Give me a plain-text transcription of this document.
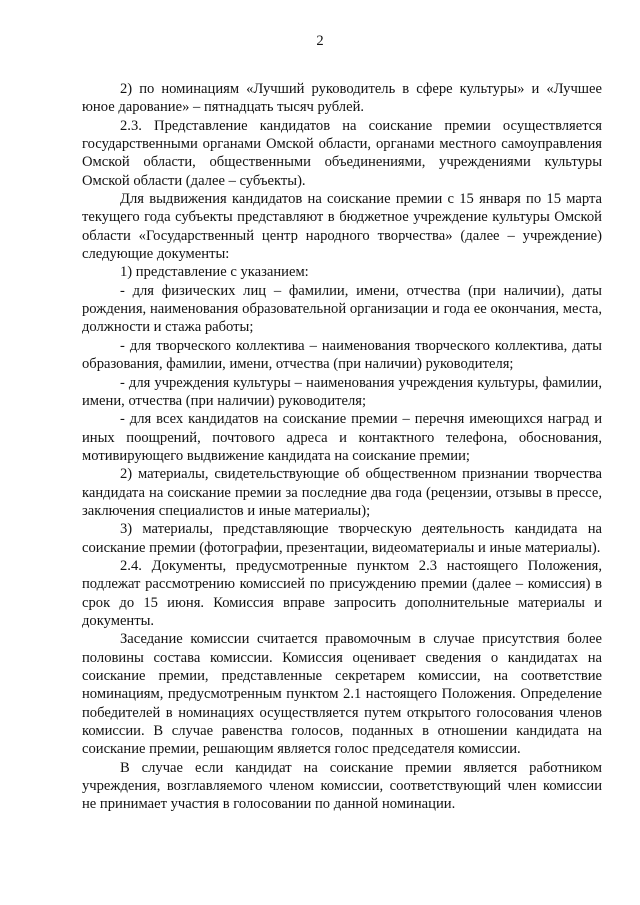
2

2) по номинациям «Лучший руководитель в сфере культуры» и «Лучшее юное дарование» – пятнадцать тысяч рублей.

2.3. Представление кандидатов на соискание премии осуществляется государственными органами Омской области, органами местного самоуправления Омской области, общественными объединениями, учреждениями культуры Омской области (далее – субъекты).

Для выдвижения кандидатов на соискание премии с 15 января по 15 марта текущего года субъекты представляют в бюджетное учреждение культуры Омской области «Государственный центр народного творчества» (далее – учреждение) следующие документы:

1) представление с указанием:

- для физических лиц – фамилии, имени, отчества (при наличии), даты рождения, наименования образовательной организации и года ее окончания, места, должности и стажа работы;

- для творческого коллектива – наименования творческого коллектива, даты образования, фамилии, имени, отчества (при наличии) руководителя;

- для учреждения культуры – наименования учреждения культуры, фамилии, имени, отчества (при наличии) руководителя;

- для всех кандидатов на соискание премии – перечня имеющихся наград и иных поощрений, почтового адреса и контактного телефона, обоснования, мотивирующего выдвижение кандидата на соискание премии;

2) материалы, свидетельствующие об общественном признании творчества кандидата на соискание премии за последние два года (рецензии, отзывы в прессе, заключения специалистов и иные материалы);

3) материалы, представляющие творческую деятельность кандидата на соискание премии (фотографии, презентации, видеоматериалы и иные материалы).

2.4. Документы, предусмотренные пунктом 2.3 настоящего Положения, подлежат рассмотрению комиссией по присуждению премии (далее – комиссия) в срок до 15 июня. Комиссия вправе запросить дополнительные материалы и документы.

Заседание комиссии считается правомочным в случае присутствия более половины состава комиссии. Комиссия оценивает сведения о кандидатах на соискание премии, представленные секретарем комиссии, на соответствие номинациям, предусмотренным пунктом 2.1 настоящего Положения. Определение победителей в номинациях осуществляется путем открытого голосования членов комиссии. В случае равенства голосов, поданных в отношении кандидата на соискание премии, решающим является голос председателя комиссии.

В случае если кандидат на соискание премии является работником учреждения, возглавляемого членом комиссии, соответствующий член комиссии не принимает участия в голосовании по данной номинации.
